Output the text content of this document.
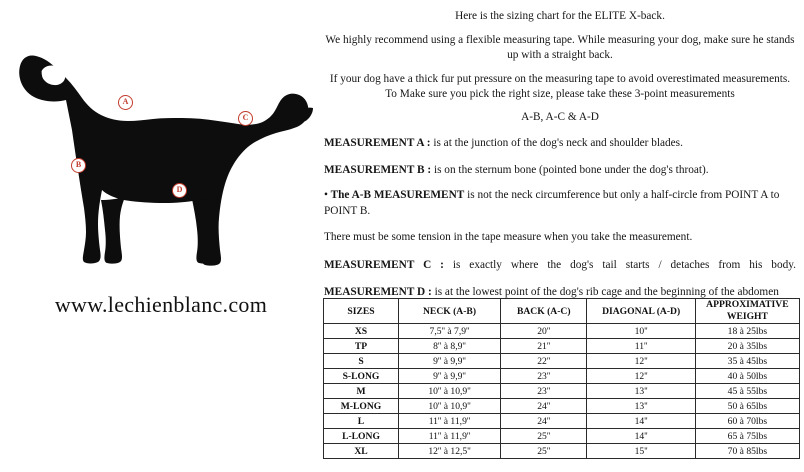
A
B
C
D
www.lechienblanc.com

Here is the sizing chart for the ELITE X-back.

We highly recommend using a flexible measuring tape. While measuring your dog, make sure he stands up with a straight back.

If your dog have a thick fur put pressure on the measuring tape to avoid overestimated measurements. To Make sure you pick the right size, please take these 3-point measurements

A-B, A-C & A-D

MEASUREMENT A : is at the junction of the dog's neck and shoulder blades.

MEASUREMENT B : is on the sternum bone (pointed bone under the dog's throat).

• The A-B MEASUREMENT is not the neck circumference but only a half-circle from POINT A to POINT B.

There must be some tension in the tape measure when you take the measurement.

MEASUREMENT C : is exactly where the dog's tail starts / detaches from his body.

MEASUREMENT D : is at the lowest point of the dog's rib cage and the beginning of the abdomen

SIZES	NECK (A-B)	BACK (A-C)	DIAGONAL (A-D)	APPROXIMATIVE
WEIGHT
XS	7,5'' à 7,9''	20''	10''	18 à 25lbs
TP	8'' à 8,9''	21''	11''	20 à 35lbs
S	9'' à 9,9''	22''	12''	35 à 45lbs
S-LONG	9'' à 9,9''	23''	12''	40 à 50lbs
M	10'' à 10,9''	23''	13''	45 à 55lbs
M-LONG	10'' à 10,9''	24''	13''	50 à 65lbs
L	11'' à 11,9''	24''	14''	60 à 70lbs
L-LONG	11'' à 11,9''	25''	14''	65 à 75lbs
XL	12'' à 12,5''	25''	15''	70 à 85lbs
